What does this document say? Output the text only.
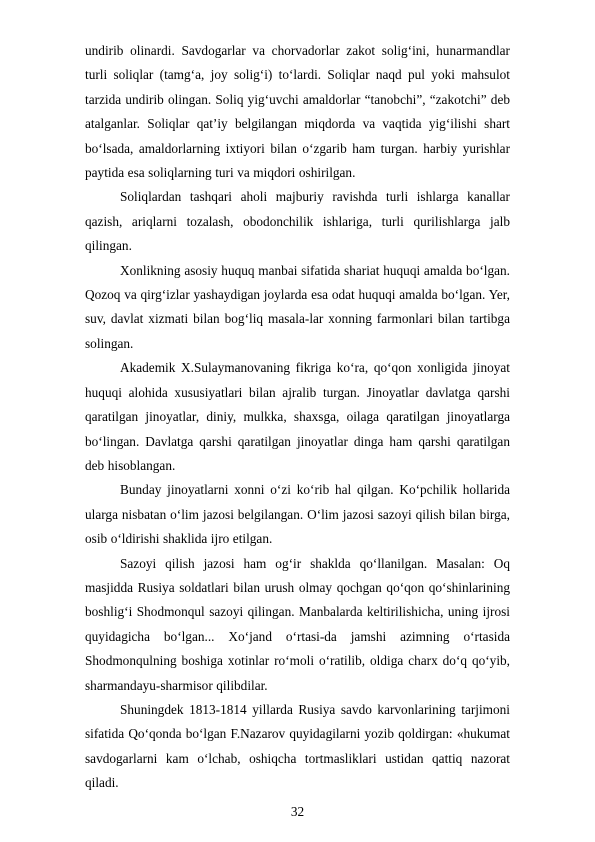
undirib olinardi. Savdogarlar va chorvadorlar zakot solig‘ini, hunarmandlar turli soliqlar (tamg‘a, joy solig‘i) to‘lardi. Soliqlar naqd pul yoki mahsulot tarzida undirib olingan. Soliq yig‘uvchi amaldorlar “tanobchi”, “zakotchi” deb atalganlar. Soliqlar qat’iy belgilangan miqdorda va vaqtida yig‘ilishi shart bo‘lsada, amaldorlarning ixtiyori bilan o‘zgarib ham turgan. harbiy yurishlar paytida esa soliqlarning turi va miqdori oshirilgan.

Soliqlardan tashqari aholi majburiy ravishda turli ishlarga kanallar qazish, ariqlarni tozalash, obodonchilik ishlariga, turli qurilishlarga jalb qilingan.

Xonlikning asosiy huquq manbai sifatida shariat huquqi amalda bo‘lgan. Qozoq va qirg‘izlar yashaydigan joylarda esa odat huquqi amalda bo‘lgan. Yer, suv, davlat xizmati bilan bog‘liq masala-lar xonning farmonlari bilan tartibga solingan.

Akademik X.Sulaymanovaning fikriga ko‘ra, qo‘qon xonligida jinoyat huquqi alohida xususiyatlari bilan ajralib turgan. Jinoyatlar davlatga qarshi qaratilgan jinoyatlar, diniy, mulkka, shaxsga, oilaga qaratilgan jinoyatlarga bo‘lingan. Davlatga qarshi qaratilgan jinoyatlar dinga ham qarshi qaratilgan deb hisoblangan.

Bunday jinoyatlarni xonni o‘zi ko‘rib hal qilgan. Ko‘pchilik hollarida ularga nisbatan o‘lim jazosi belgilangan. O‘lim jazosi sazoyi qilish bilan birga, osib o‘ldirishi shaklida ijro etilgan.

Sazoyi qilish jazosi ham og‘ir shaklda qo‘llanilgan. Masalan: Oq masjidda Rusiya soldatlari bilan urush olmay qochgan qo‘qon qo‘shinlarining boshlig‘i Shodmonqul sazoyi qilingan. Manbalarda keltirilishicha, uning ijrosi quyidagicha bo‘lgan... Xo‘jand o‘rtasi-da jamshi azimning o‘rtasida Shodmonqulning boshiga xotinlar ro‘moli o‘ratilib, oldiga charx do‘q qo‘yib, sharmandayu-sharmisor qilibdilar.

Shuningdek 1813-1814 yillarda Rusiya savdo karvonlarining tarjimoni sifatida Qo‘qonda bo‘lgan F.Nazarov quyidagilarni yozib qoldirgan: «hukumat savdogarlarni kam o‘lchab, oshiqcha tortmasliklari ustidan qattiq nazorat qiladi.

32
